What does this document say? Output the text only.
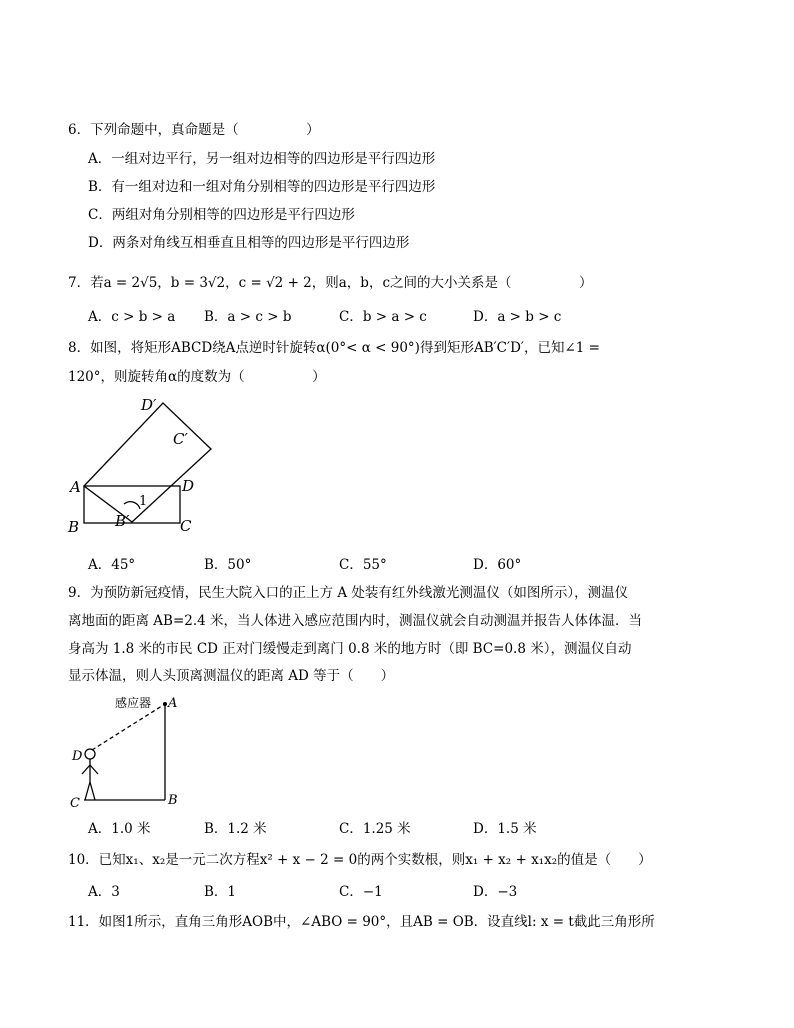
6．下列命题中，真命题是（　　　　　）
A．一组对边平行，另一组对边相等的四边形是平行四边形
B．有一组对边和一组对角分别相等的四边形是平行四边形
C．两组对角分别相等的四边形是平行四边形
D．两条对角线互相垂直且相等的四边形是平行四边形
7．若a = 2√5，b = 3√2，c = √2 + 2，则a，b，c之间的大小关系是（　　　　　）
A．c > b > a B．a > c > b	C．b > a > c	D．a > b > c
8．如图，将矩形ABCD绕A点逆时针旋转α(0°< α < 90°)得到矩形AB′C′D′，已知∠1 =
120°，则旋转角α的度数为（　　　　　）
A
B	C
D
B′
C′
D′
1
A．45°	B．50°	C．55°	D．60°
9．为预防新冠疫情，民生大院入口的正上方 A 处装有红外线激光测温仪（如图所示），测温仪
离地面的距离 AB=2.4 米，当人体进入感应范围内时，测温仪就会自动测温并报告人体体温．当
身高为 1.8 米的市民 CD 正对门缓慢走到离门 0.8 米的地方时（即 BC=0.8 米），测温仪自动
显示体温，则人头顶离测温仪的距离 AD 等于（　　）
感应器 A
B
C
D
A．1.0 米	B．1.2 米	C．1.25 米	D．1.5 米
10．已知x₁、x₂是一元二次方程x² + x − 2 = 0的两个实数根，则x₁ + x₂ + x₁x₂的值是（　　）
A．3	B．1	C．−1	D．−3
11．如图1所示，直角三角形AOB中，∠ABO = 90°，且AB = OB．设直线l: x = t截此三角形所
